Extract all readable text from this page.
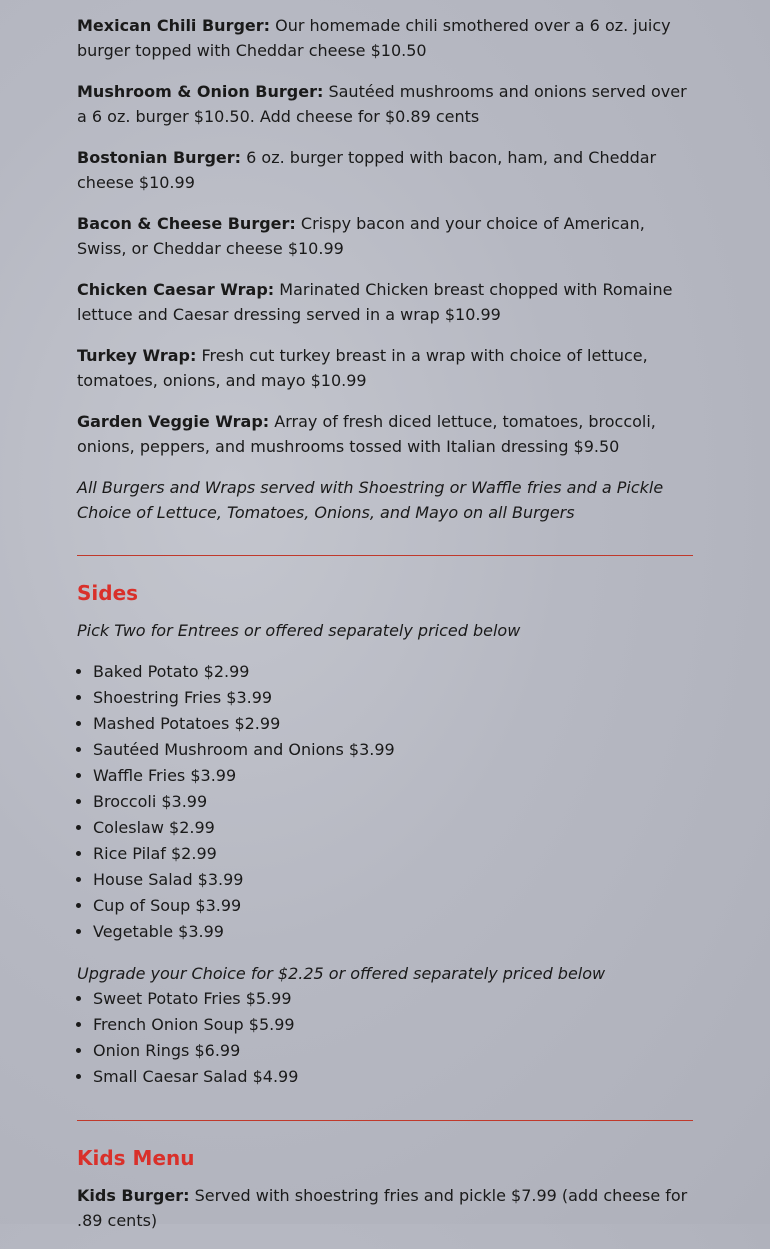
Mexican Chili Burger: Our homemade chili smothered over a 6 oz. juicy burger topped with Cheddar cheese $10.50

Mushroom & Onion Burger: Sautéed mushrooms and onions served over a 6 oz. burger $10.50. Add cheese for $0.89 cents

Bostonian Burger: 6 oz. burger topped with bacon, ham, and Cheddar cheese $10.99

Bacon & Cheese Burger: Crispy bacon and your choice of American, Swiss, or Cheddar cheese $10.99

Chicken Caesar Wrap: Marinated Chicken breast chopped with Romaine lettuce and Caesar dressing served in a wrap $10.99

Turkey Wrap: Fresh cut turkey breast in a wrap with choice of lettuce, tomatoes, onions, and mayo $10.99

Garden Veggie Wrap: Array of fresh diced lettuce, tomatoes, broccoli, onions, peppers, and mushrooms tossed with Italian dressing $9.50

All Burgers and Wraps served with Shoestring or Waffle fries and a Pickle Choice of Lettuce, Tomatoes, Onions, and Mayo on all Burgers

Sides

Pick Two for Entrees or offered separately priced below

• Baked Potato $2.99
• Shoestring Fries $3.99
• Mashed Potatoes $2.99
• Sautéed Mushroom and Onions $3.99
• Waffle Fries $3.99
• Broccoli $3.99
• Coleslaw $2.99
• Rice Pilaf $2.99
• House Salad $3.99
• Cup of Soup $3.99
• Vegetable $3.99

Upgrade your Choice for $2.25 or offered separately priced below

• Sweet Potato Fries $5.99
• French Onion Soup $5.99
• Onion Rings $6.99
• Small Caesar Salad $4.99
Kids Menu

Kids Burger: Served with shoestring fries and pickle $7.99 (add cheese for .89 cents)
